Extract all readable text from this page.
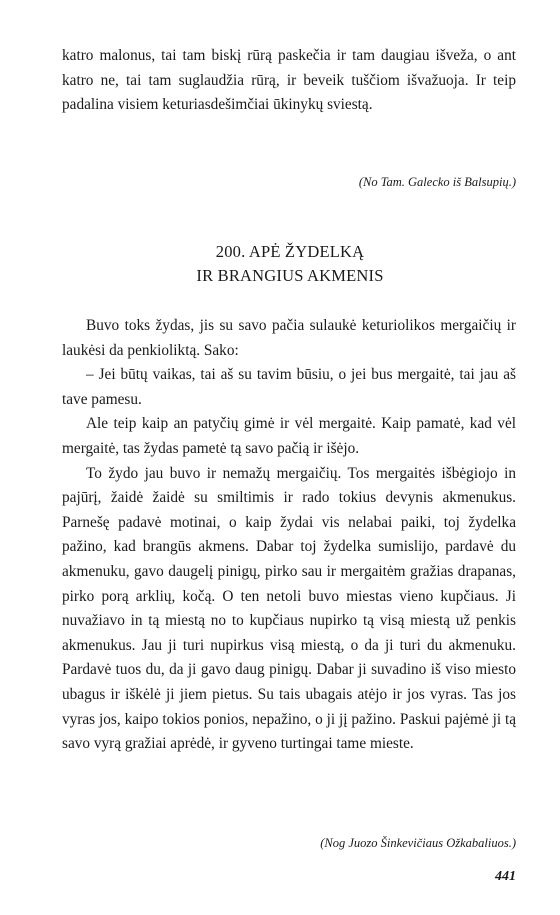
katro malonus, tai tam biskį rūrą paskečia ir tam daugiau išveža, o ant katro ne, tai tam suglaudžia rūrą, ir beveik tuščiom išvažuoja. Ir teip padalina visiem keturiasdešimčiai ūkinykų sviestą.

(No Tam. Galecko iš Balsupių.)
200. APĖ ŽYDELKĄ
IR BRANGIUS AKMENIS

Buvo toks žydas, jis su savo pačia sulaukė keturiolikos mergaičių ir laukėsi da penkioliktą. Sako:

– Jei būtų vaikas, tai aš su tavim būsiu, o jei bus mergaitė, tai jau aš tave pamesu.

Ale teip kaip an patyčių gimė ir vėl mergaitė. Kaip pamatė, kad vėl mergaitė, tas žydas pametė tą savo pačią ir išėjo.

To žydo jau buvo ir nemažų mergaičių. Tos mergaitės išbėgiojo in pajūrį, žaidė žaidė su smiltimis ir rado tokius devynis akmenukus. Parnešę padavė motinai, o kaip žydai vis nelabai paiki, toj žydelka pažino, kad brangūs akmens. Dabar toj žydelka sumislijo, pardavė du akmenuku, gavo daugelį pinigų, pirko sau ir mergaitėm gražias drapanas, pirko porą arklių, kočą. O ten netoli buvo miestas vieno kupčiaus. Ji nuvažiavo in tą miestą no to kupčiaus nupirko tą visą miestą už penkis akmenukus. Jau ji turi nupirkus visą miestą, o da ji turi du akmenuku. Pardavė tuos du, da ji gavo daug pinigų. Dabar ji suvadino iš viso miesto ubagus ir iškėlė ji jiem pietus. Su tais ubagais atėjo ir jos vyras. Tas jos vyras jos, kaipo tokios ponios, nepažino, o ji jį pažino. Paskui pajėmė ji tą savo vyrą gražiai aprėdė, ir gyveno turtingai tame mieste.

(Nog Juozo Šinkevičiaus Ožkabaliuos.)
441
